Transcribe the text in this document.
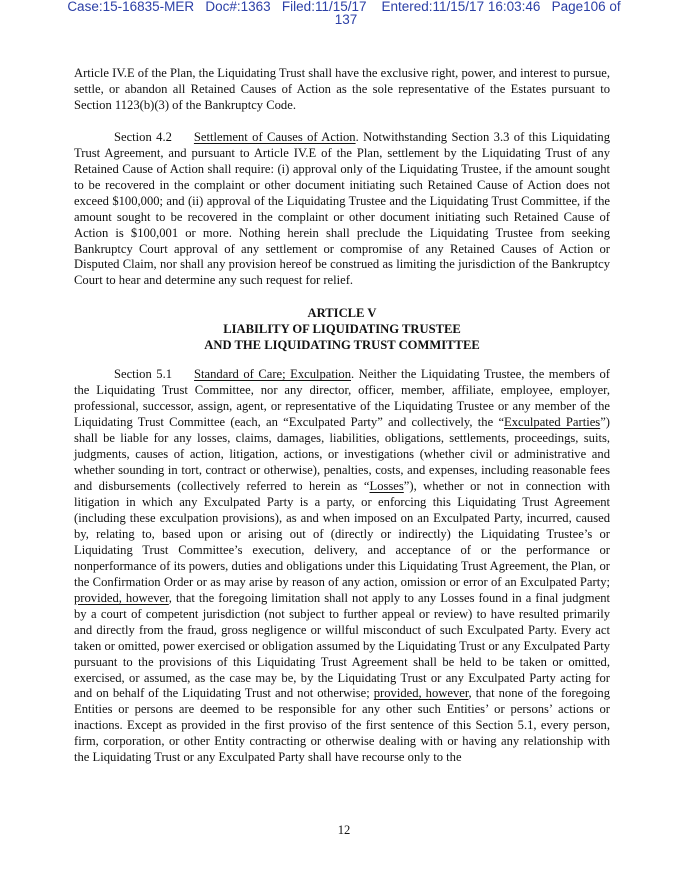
Case:15-16835-MER   Doc#:1363   Filed:11/15/17    Entered:11/15/17 16:03:46   Page106 of
137

Article IV.E of the Plan, the Liquidating Trust shall have the exclusive right, power, and interest to pursue, settle, or abandon all Retained Causes of Action as the sole representative of the Estates pursuant to Section 1123(b)(3) of the Bankruptcy Code.

Section 4.2 Settlement of Causes of Action. Notwithstanding Section 3.3 of this Liquidating Trust Agreement, and pursuant to Article IV.E of the Plan, settlement by the Liquidating Trust of any Retained Cause of Action shall require: (i) approval only of the Liquidating Trustee, if the amount sought to be recovered in the complaint or other document initiating such Retained Cause of Action does not exceed $100,000; and (ii) approval of the Liquidating Trustee and the Liquidating Trust Committee, if the amount sought to be recovered in the complaint or other document initiating such Retained Cause of Action is $100,001 or more. Nothing herein shall preclude the Liquidating Trustee from seeking Bankruptcy Court approval of any settlement or compromise of any Retained Causes of Action or Disputed Claim, nor shall any provision hereof be construed as limiting the jurisdiction of the Bankruptcy Court to hear and determine any such request for relief.

ARTICLE V
LIABILITY OF LIQUIDATING TRUSTEE
AND THE LIQUIDATING TRUST COMMITTEE

Section 5.1 Standard of Care; Exculpation. Neither the Liquidating Trustee, the members of the Liquidating Trust Committee, nor any director, officer, member, affiliate, employee, employer, professional, successor, assign, agent, or representative of the Liquidating Trustee or any member of the Liquidating Trust Committee (each, an “Exculpated Party” and collectively, the “Exculpated Parties”) shall be liable for any losses, claims, damages, liabilities, obligations, settlements, proceedings, suits, judgments, causes of action, litigation, actions, or investigations (whether civil or administrative and whether sounding in tort, contract or otherwise), penalties, costs, and expenses, including reasonable fees and disbursements (collectively referred to herein as “Losses”), whether or not in connection with litigation in which any Exculpated Party is a party, or enforcing this Liquidating Trust Agreement (including these exculpation provisions), as and when imposed on an Exculpated Party, incurred, caused by, relating to, based upon or arising out of (directly or indirectly) the Liquidating Trustee’s or Liquidating Trust Committee’s execution, delivery, and acceptance of or the performance or nonperformance of its powers, duties and obligations under this Liquidating Trust Agreement, the Plan, or the Confirmation Order or as may arise by reason of any action, omission or error of an Exculpated Party; provided, however, that the foregoing limitation shall not apply to any Losses found in a final judgment by a court of competent jurisdiction (not subject to further appeal or review) to have resulted primarily and directly from the fraud, gross negligence or willful misconduct of such Exculpated Party. Every act taken or omitted, power exercised or obligation assumed by the Liquidating Trust or any Exculpated Party pursuant to the provisions of this Liquidating Trust Agreement shall be held to be taken or omitted, exercised, or assumed, as the case may be, by the Liquidating Trust or any Exculpated Party acting for and on behalf of the Liquidating Trust and not otherwise; provided, however, that none of the foregoing Entities or persons are deemed to be responsible for any other such Entities’ or persons’ actions or inactions. Except as provided in the first proviso of the first sentence of this Section 5.1, every person, firm, corporation, or other Entity contracting or otherwise dealing with or having any relationship with the Liquidating Trust or any Exculpated Party shall have recourse only to the

12
